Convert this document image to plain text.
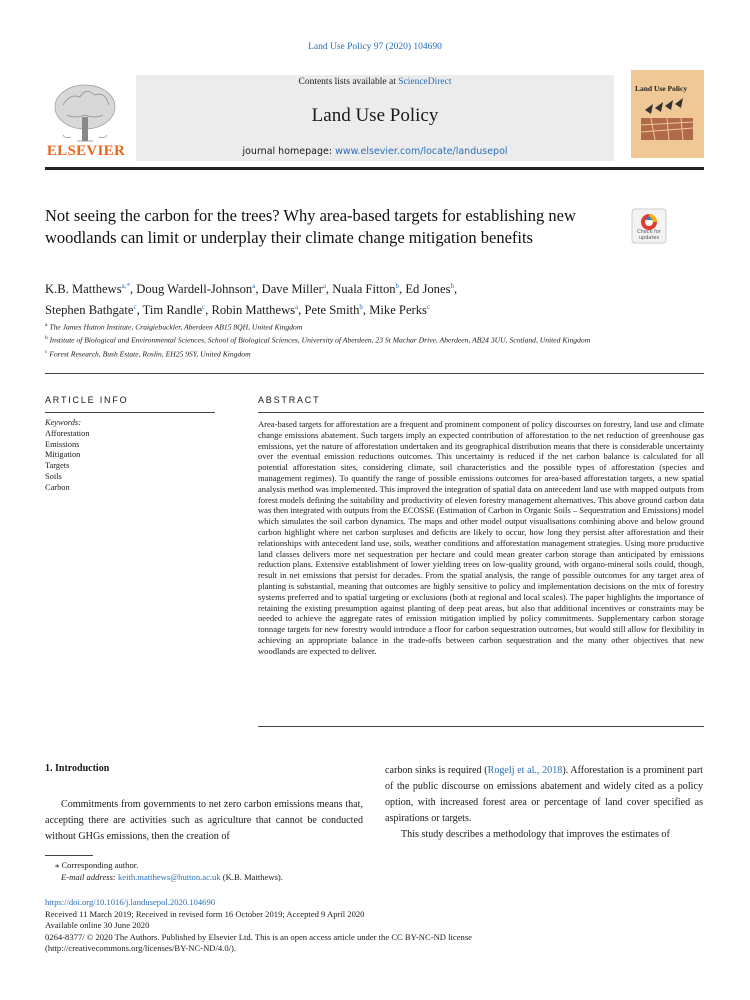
Land Use Policy 97 (2020) 104690
ELSEVIER
Contents lists available at ScienceDirect
Land Use Policy
journal homepage: www.elsevier.com/locate/landusepol
Land Use Policy
Not seeing the carbon for the trees? Why area-based targets for establishing new woodlands can limit or underplay their climate change mitigation benefits	Check for updates
K.B. Matthews$^{a,*}$, Doug Wardell-Johnson$^a$, Dave Miller$^a$, Nuala Fitton$^b$, Ed Jones$^b$,
Stephen Bathgate$^c$, Tim Randle$^c$, Robin Matthews$^a$, Pete Smith$^b$, Mike Perks$^c$
$^a$ The James Hutton Institute, Craigiebuckler, Aberdeen AB15 8QH, United Kingdom
$^b$ Institute of Biological and Environmental Sciences, School of Biological Sciences, University of Aberdeen, 23 St Machar Drive, Aberdeen, AB24 3UU, Scotland, United Kingdom
$^c$ Forest Research, Bush Estate, Roslin, EH25 9SY, United Kingdom
ARTICLE INFO	ABSTRACT
Keywords:
Afforestation
Emissions
Mitigation
Targets
Soils
Carbon
Area-based targets for afforestation are a frequent and prominent component of policy discourses on forestry, land use and climate change emissions abatement. Such targets imply an expected contribution of afforestation to the net reduction of greenhouse gas emissions, yet the nature of afforestation undertaken and its geographical distribution means that there is considerable uncertainty over the eventual emission reductions outcomes. This uncertainty is reduced if the net carbon balance is calculated for all potential afforestation sites, considering climate, soil characteristics and the possible types of afforestation (species and management regimes). To quantify the range of possible emissions outcomes for area-based afforestation targets, a new spatial analysis method was implemented. This improved the integration of spatial data on antecedent land use with mapped outputs from forest models defining the suitability and productivity of eleven forestry management alternatives. This above ground carbon data was then integrated with outputs from the ECOSSE (Estimation of Carbon in Organic Soils – Sequestration and Emissions) model which simulates the soil carbon dynamics. The maps and other model output visualisations combining above and below ground carbon highlight where net carbon surpluses and deficits are likely to occur, how long they persist after afforestation and their relationships with antecedent land use, soils, weather conditions and afforestation management strategies. Using more productive land classes delivers more net sequestration per hectare and could mean greater carbon storage than anticipated by emissions reduction plans. Extensive establishment of lower yielding trees on low-quality ground, with organo-mineral soils could, though, result in net emissions that persist for decades. From the spatial analysis, the range of possible outcomes for any target area of planting is substantial, meaning that outcomes are highly sensitive to policy and implementation decisions on the mix of forestry systems preferred and to spatial targeting or exclusions (both at regional and local scales). The paper highlights the importance of retaining the existing presumption against planting of deep peat areas, but also that additional incentives or constraints may be needed to achieve the aggregate rates of emission mitigation implied by policy commitments. Supplementary carbon storage tonnage targets for new forestry would introduce a floor for carbon sequestration outcomes, but would still allow for flexibility in achieving an appropriate balance in the trade-offs between carbon sequestration and the many other objectives that new woodlands are expected to deliver.
1. Introduction

Commitments from governments to net zero carbon emissions means that, accepting there are activities such as agriculture that cannot be conducted without GHGs emissions, then the creation of

carbon sinks is required (Rogelj et al., 2018). Afforestation is a prominent part of the public discourse on emissions abatement and widely cited as a policy option, with increased forest area or percentage of land cover specified as aspirations or targets.

This study describes a methodology that improves the estimates of

⁎ Corresponding author.
E-mail address: keith.matthews@hutton.ac.uk (K.B. Matthews).
https://doi.org/10.1016/j.landusepol.2020.104690
Received 11 March 2019; Received in revised form 16 October 2019; Accepted 9 April 2020
Available online 30 June 2020
0264-8377/ © 2020 The Authors. Published by Elsevier Ltd. This is an open access article under the CC BY-NC-ND license
(http://creativecommons.org/licenses/BY-NC-ND/4.0/).
